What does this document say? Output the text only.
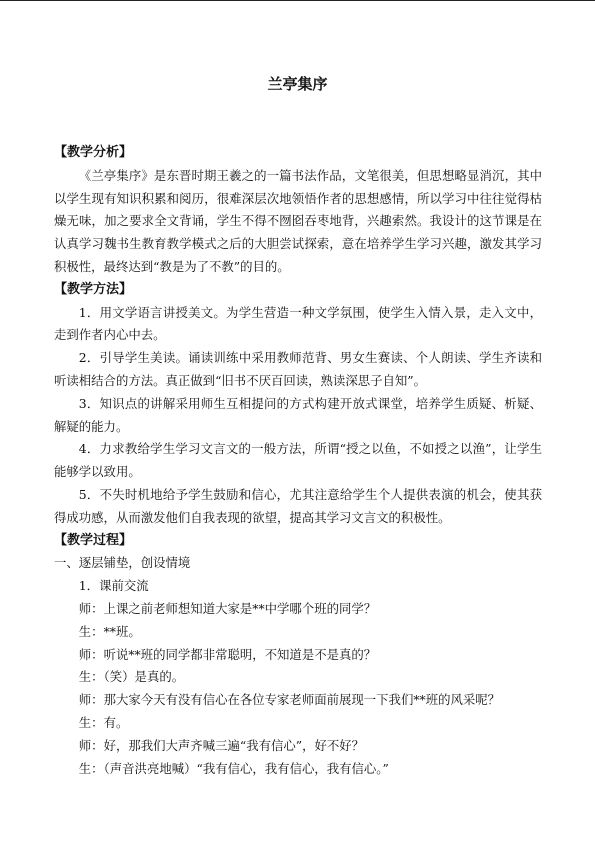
兰亭集序

【教学分析】

《兰亭集序》是东晋时期王羲之的一篇书法作品，文笔很美，但思想略显消沉，其中以学生现有知识积累和阅历，很难深层次地领悟作者的思想感情，所以学习中往往觉得枯燥无味，加之要求全文背诵，学生不得不囫囵吞枣地背，兴趣索然。我设计的这节课是在认真学习魏书生教育教学模式之后的大胆尝试探索，意在培养学生学习兴趣，激发其学习积极性，最终达到“教是为了不教”的目的。

【教学方法】

1．用文学语言讲授美文。为学生营造一种文学氛围，使学生入情入景，走入文中，走到作者内心中去。

2．引导学生美读。诵读训练中采用教师范背、男女生赛读、个人朗读、学生齐读和听读相结合的方法。真正做到“旧书不厌百回读，熟读深思子自知”。

3．知识点的讲解采用师生互相提问的方式构建开放式课堂，培养学生质疑、析疑、解疑的能力。

4．力求教给学生学习文言文的一般方法，所谓“授之以鱼，不如授之以渔”，让学生能够学以致用。

5．不失时机地给予学生鼓励和信心，尤其注意给学生个人提供表演的机会，使其获得成功感，从而激发他们自我表现的欲望，提高其学习文言文的积极性。

【教学过程】

一、逐层铺垫，创设情境

1．课前交流

师：上课之前老师想知道大家是**中学哪个班的同学？

生：**班。

师：听说**班的同学都非常聪明，不知道是不是真的？

生：（笑）是真的。

师：那大家今天有没有信心在各位专家老师面前展现一下我们**班的风采呢？

生：有。

师：好，那我们大声齐喊三遍“我有信心”，好不好？

生：（声音洪亮地喊）“我有信心，我有信心，我有信心。”
